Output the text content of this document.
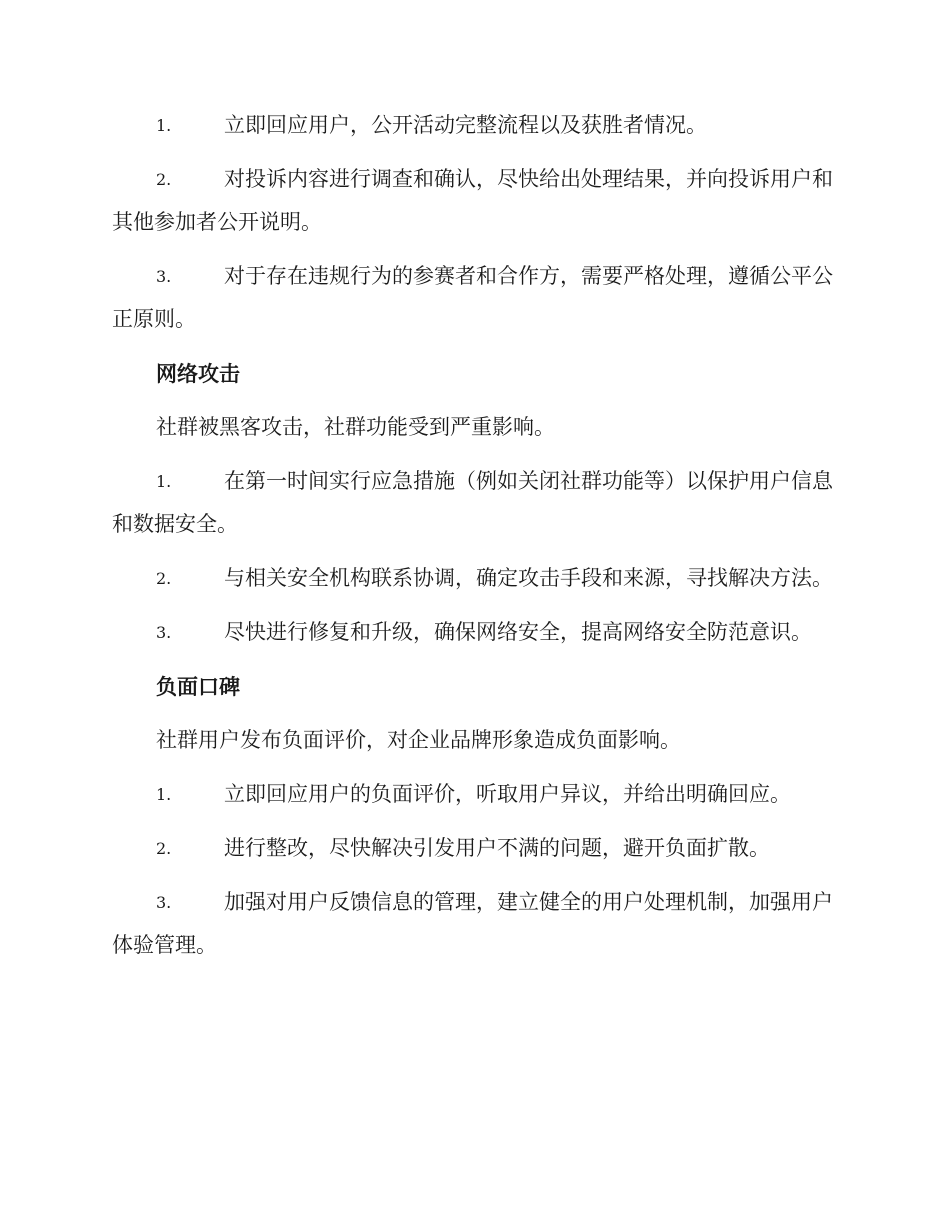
1.	立即回应用户，公开活动完整流程以及获胜者情况。
2.	对投诉内容进行调查和确认，尽快给出处理结果，并向投诉用户和其他参加者公开说明。
3.	对于存在违规行为的参赛者和合作方，需要严格处理，遵循公平公正原则。
网络攻击
社群被黑客攻击，社群功能受到严重影响。
1.	在第一时间实行应急措施（例如关闭社群功能等）以保护用户信息和数据安全。
2.	与相关安全机构联系协调，确定攻击手段和来源，寻找解决方法。
3.	尽快进行修复和升级，确保网络安全，提高网络安全防范意识。
负面口碑
社群用户发布负面评价，对企业品牌形象造成负面影响。
1.	立即回应用户的负面评价，听取用户异议，并给出明确回应。
2.	进行整改，尽快解决引发用户不满的问题，避开负面扩散。
3.	加强对用户反馈信息的管理，建立健全的用户处理机制，加强用户体验管理。
